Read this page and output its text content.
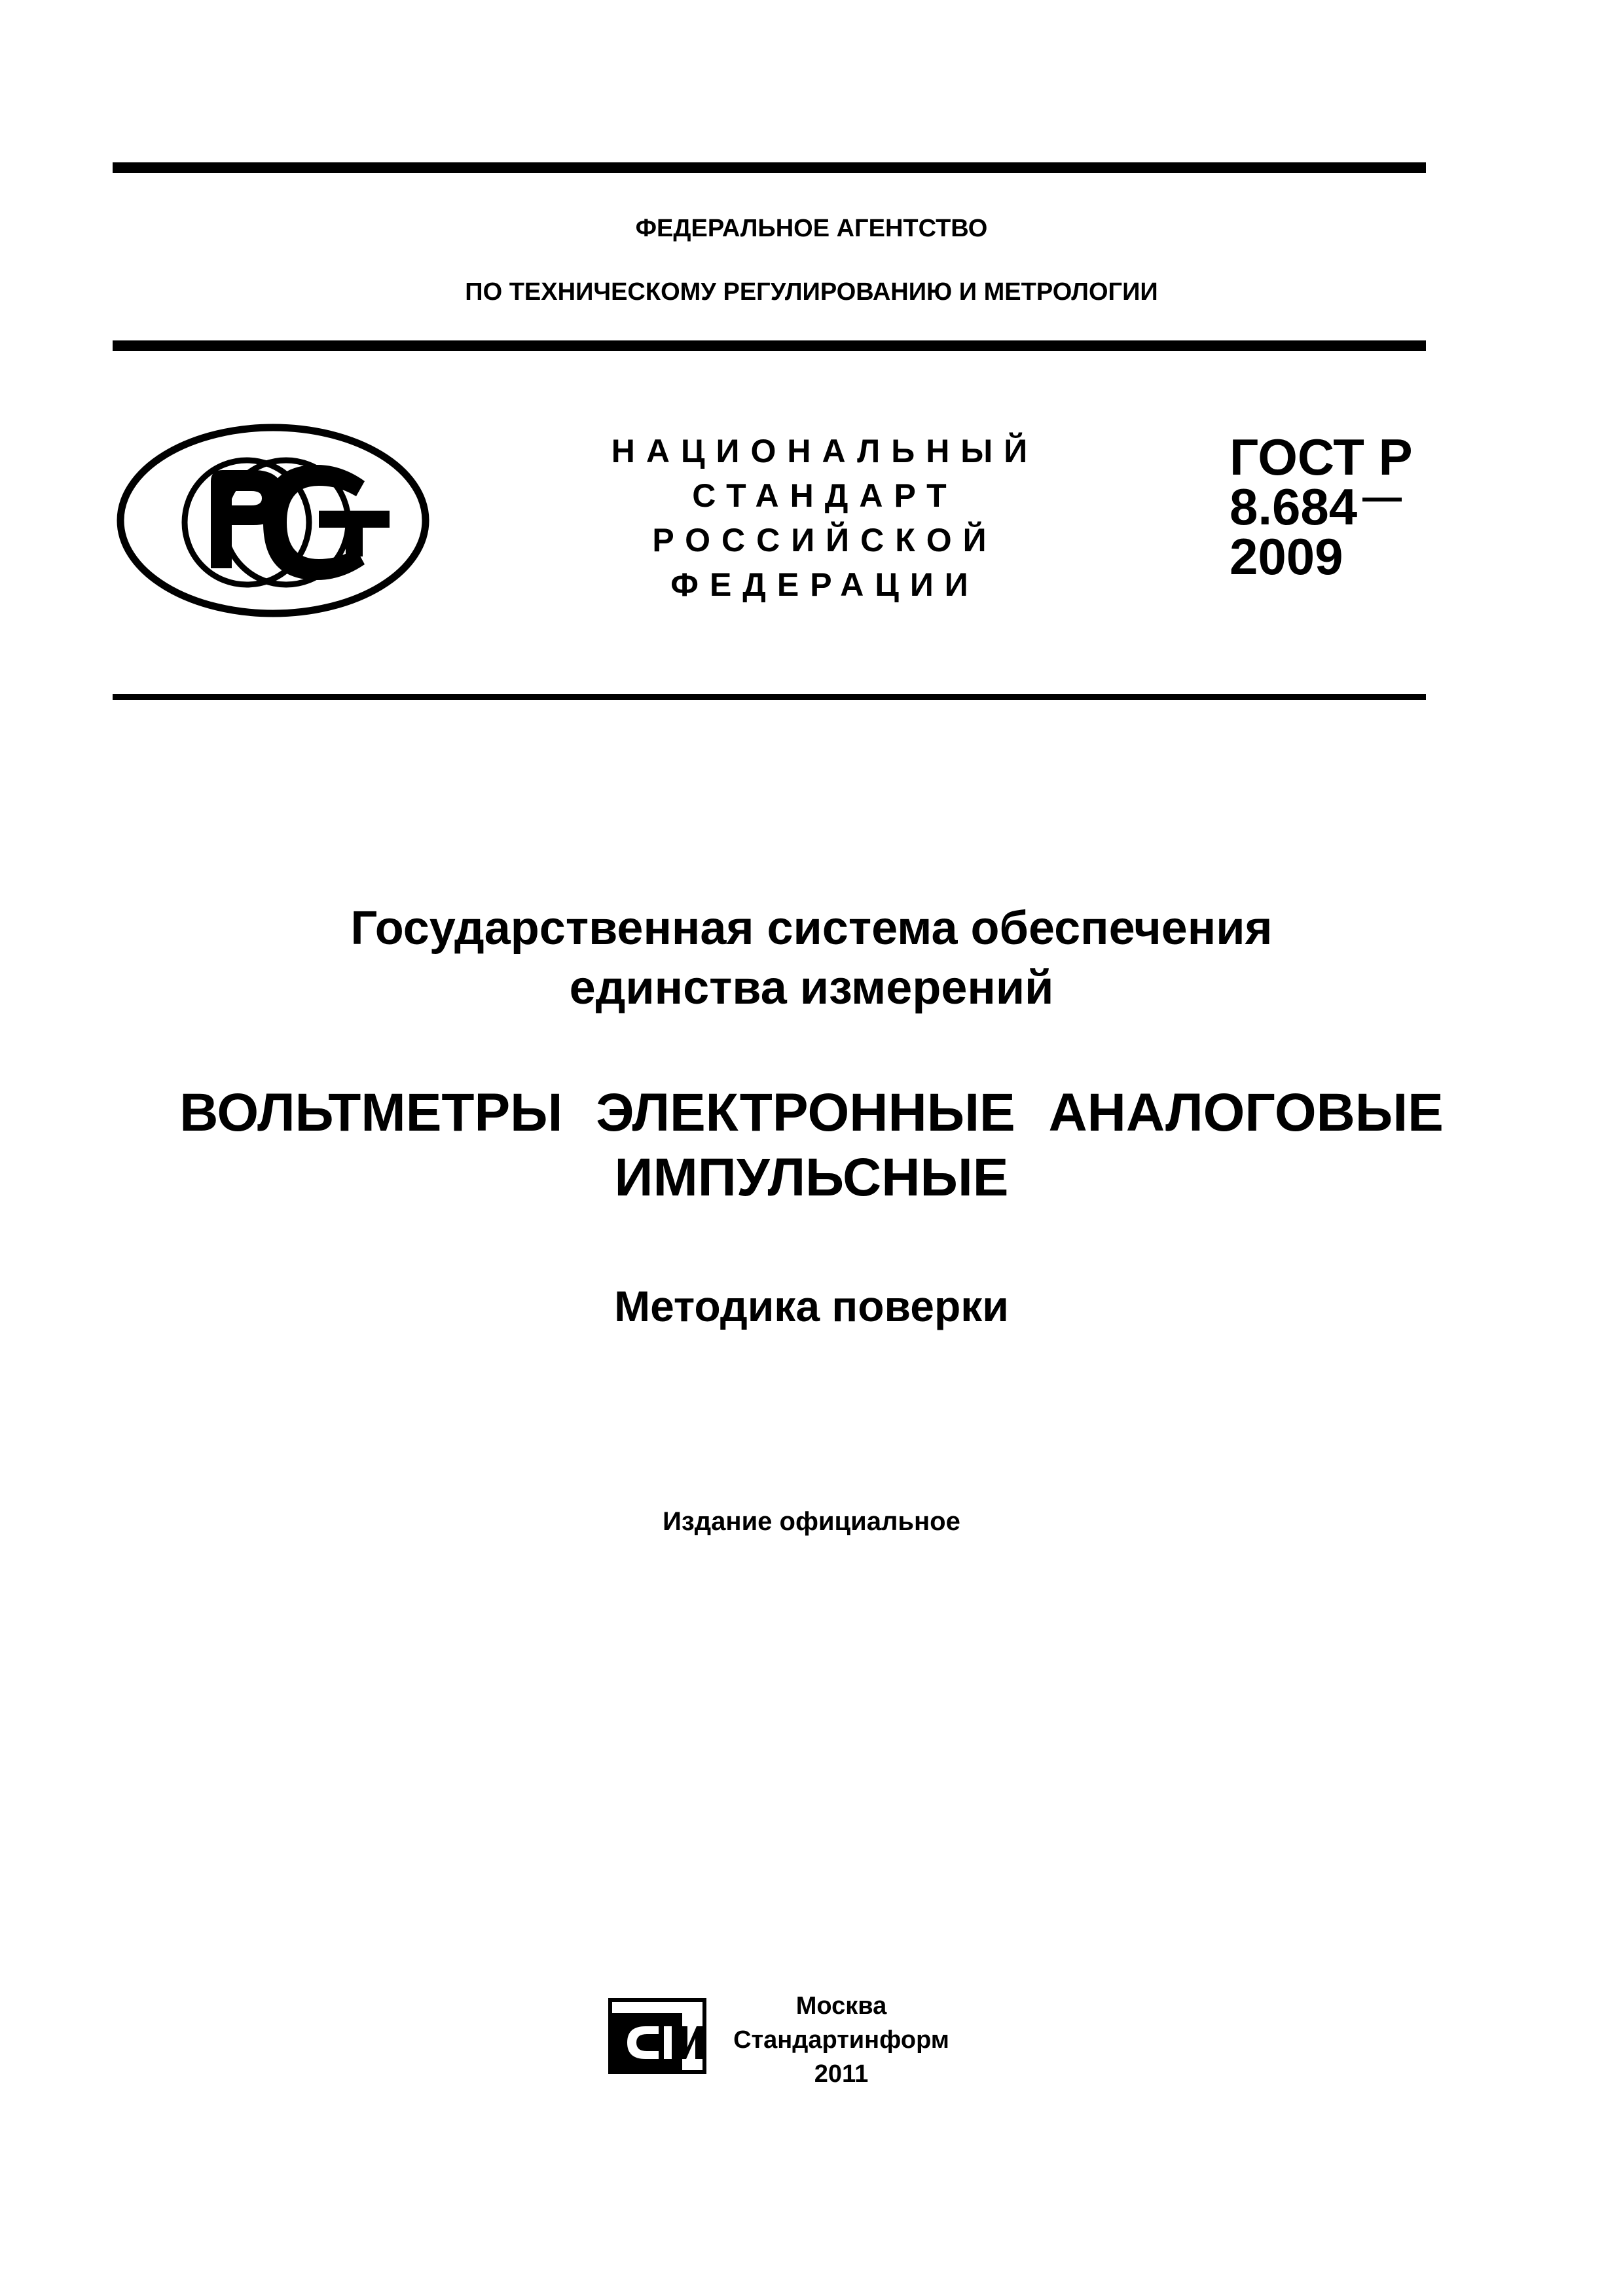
ФЕДЕРАЛЬНОЕ АГЕНТСТВО
ПО ТЕХНИЧЕСКОМУ РЕГУЛИРОВАНИЮ И МЕТРОЛОГИИ
НАЦИОНАЛЬНЫЙ
СТАНДАРТ
РОССИЙСКОЙ
ФЕДЕРАЦИИ
ГОСТ Р
8.684
2009
Государственная система обеспечения
единства измерений
ВОЛЬТМЕТРЫ ЭЛЕКТРОННЫЕ АНАЛОГОВЫЕ
ИМПУЛЬСНЫЕ
Методика поверки
Издание официальное
Москва
Стандартинформ
2011
